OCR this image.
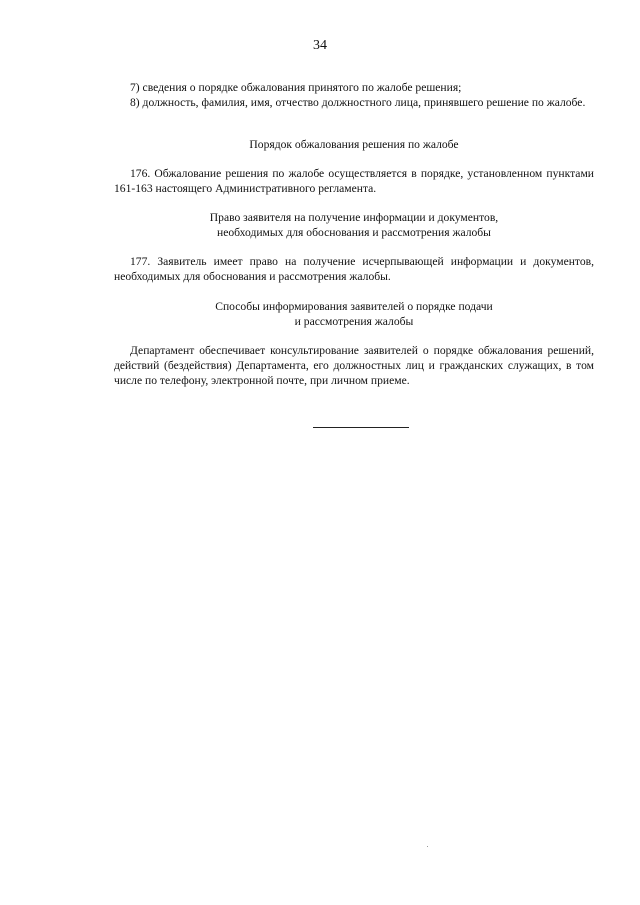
34

7) сведения о порядке обжалования принятого по жалобе решения;

8) должность, фамилия, имя, отчество должностного лица, принявшего решение по жалобе.

Порядок обжалования решения по жалобе

176. Обжалование решения по жалобе осуществляется в порядке, установленном пунктами 161-163 настоящего Административного регламента.

Право заявителя на получение информации и документов,
необходимых для обоснования и рассмотрения жалобы

177. Заявитель имеет право на получение исчерпывающей информации и документов, необходимых для обоснования и рассмотрения жалобы.

Способы информирования заявителей о порядке подачи
и рассмотрения жалобы

Департамент обеспечивает консультирование заявителей о порядке обжалования решений, действий (бездействия) Департамента, его должностных лиц и гражданских служащих, в том числе по телефону, электронной почте, при личном приеме.
